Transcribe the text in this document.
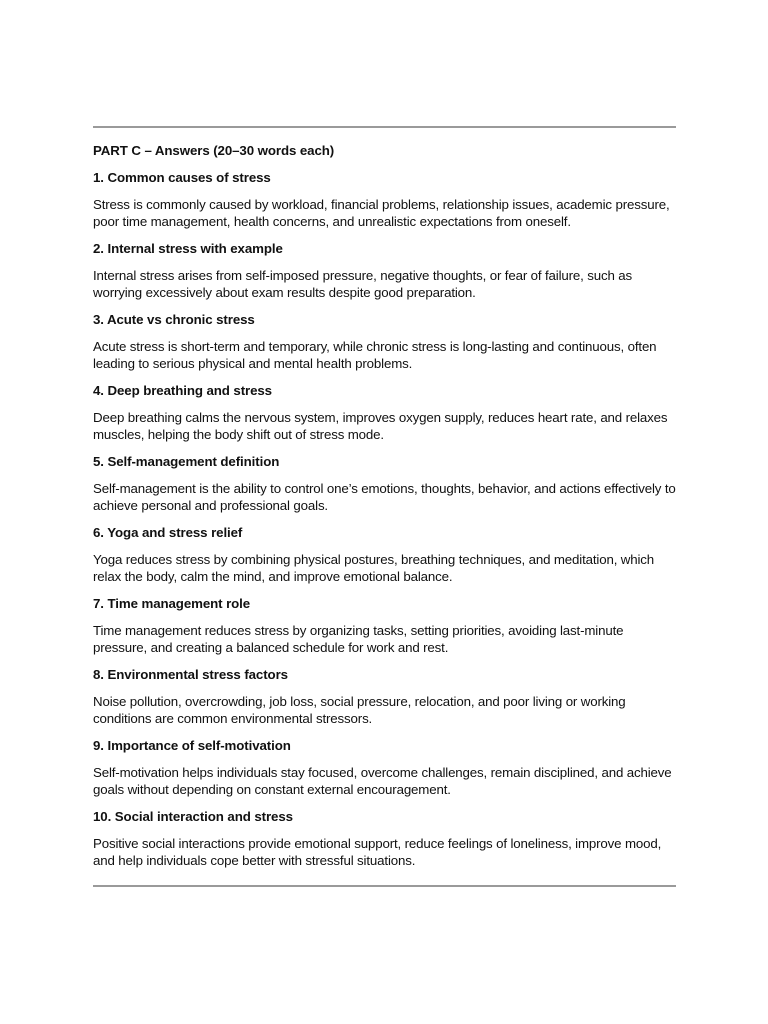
PART C – Answers (20–30 words each)
1. Common causes of stress
Stress is commonly caused by workload, financial problems, relationship issues, academic pressure, poor time management, health concerns, and unrealistic expectations from oneself.
2. Internal stress with example
Internal stress arises from self-imposed pressure, negative thoughts, or fear of failure, such as worrying excessively about exam results despite good preparation.
3. Acute vs chronic stress
Acute stress is short-term and temporary, while chronic stress is long-lasting and continuous, often leading to serious physical and mental health problems.
4. Deep breathing and stress
Deep breathing calms the nervous system, improves oxygen supply, reduces heart rate, and relaxes muscles, helping the body shift out of stress mode.
5. Self-management definition
Self-management is the ability to control one’s emotions, thoughts, behavior, and actions effectively to achieve personal and professional goals.
6. Yoga and stress relief
Yoga reduces stress by combining physical postures, breathing techniques, and meditation, which relax the body, calm the mind, and improve emotional balance.
7. Time management role
Time management reduces stress by organizing tasks, setting priorities, avoiding last-minute pressure, and creating a balanced schedule for work and rest.
8. Environmental stress factors
Noise pollution, overcrowding, job loss, social pressure, relocation, and poor living or working conditions are common environmental stressors.
9. Importance of self-motivation
Self-motivation helps individuals stay focused, overcome challenges, remain disciplined, and achieve goals without depending on constant external encouragement.
10. Social interaction and stress
Positive social interactions provide emotional support, reduce feelings of loneliness, improve mood, and help individuals cope better with stressful situations.
